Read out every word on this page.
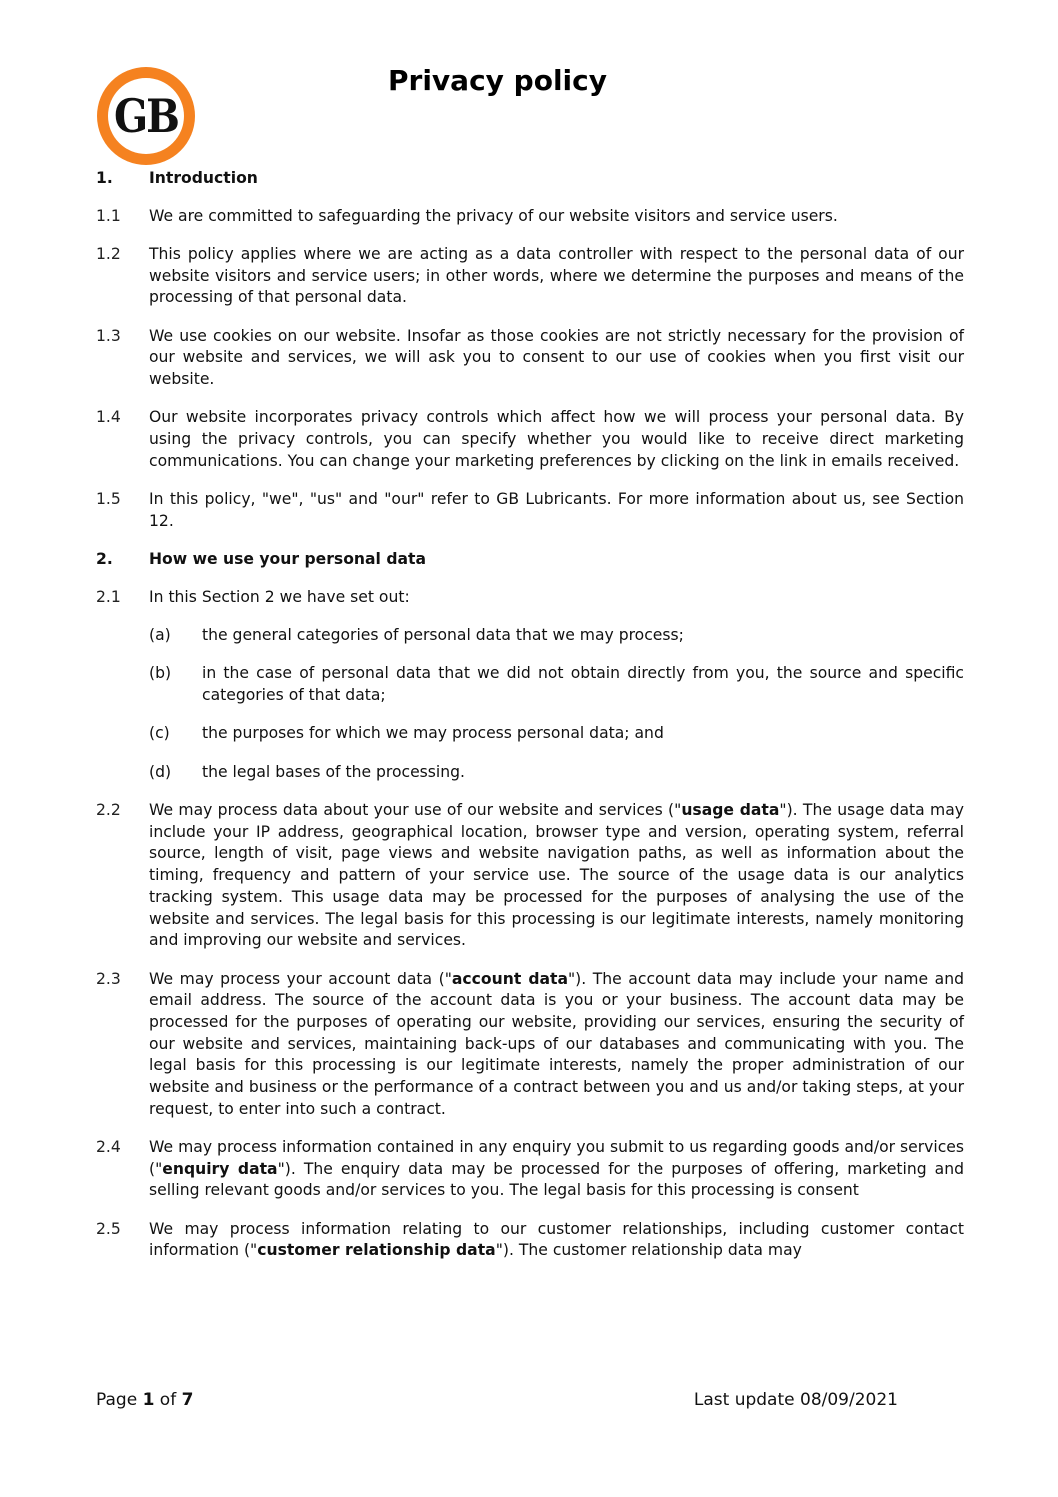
GB
Privacy policy
1.	Introduction
1.1	We are committed to safeguarding the privacy of our website visitors and service users.
1.2	This policy applies where we are acting as a data controller with respect to the personal data of our website visitors and service users; in other words, where we determine the purposes and means of the processing of that personal data.
1.3	We use cookies on our website. Insofar as those cookies are not strictly necessary for the provision of our website and services, we will ask you to consent to our use of cookies when you first visit our website.
1.4	Our website incorporates privacy controls which affect how we will process your personal data. By using the privacy controls, you can specify whether you would like to receive direct marketing communications. You can change your marketing preferences by clicking on the link in emails received.
1.5	In this policy, "we", "us" and "our" refer to GB Lubricants. For more information about us, see Section 12.
2.	How we use your personal data
2.1	In this Section 2 we have set out:
(a)	the general categories of personal data that we may process;
(b)	in the case of personal data that we did not obtain directly from you, the source and specific categories of that data;
(c)	the purposes for which we may process personal data; and
(d)	the legal bases of the processing.
2.2	We may process data about your use of our website and services ("usage data"). The usage data may include your IP address, geographical location, browser type and version, operating system, referral source, length of visit, page views and website navigation paths, as well as information about the timing, frequency and pattern of your service use. The source of the usage data is our analytics tracking system. This usage data may be processed for the purposes of analysing the use of the website and services. The legal basis for this processing is our legitimate interests, namely monitoring and improving our website and services.
2.3	We may process your account data ("account data"). The account data may include your name and email address. The source of the account data is you or your business. The account data may be processed for the purposes of operating our website, providing our services, ensuring the security of our website and services, maintaining back-ups of our databases and communicating with you. The legal basis for this processing is our legitimate interests, namely the proper administration of our website and business or the performance of a contract between you and us and/or taking steps, at your request, to enter into such a contract.
2.4	We may process information contained in any enquiry you submit to us regarding goods and/or services ("enquiry data"). The enquiry data may be processed for the purposes of offering, marketing and selling relevant goods and/or services to you. The legal basis for this processing is consent
2.5	We may process information relating to our customer relationships, including customer contact information ("customer relationship data"). The customer relationship data may
Page 1 of 7	Last update 08/09/2021
